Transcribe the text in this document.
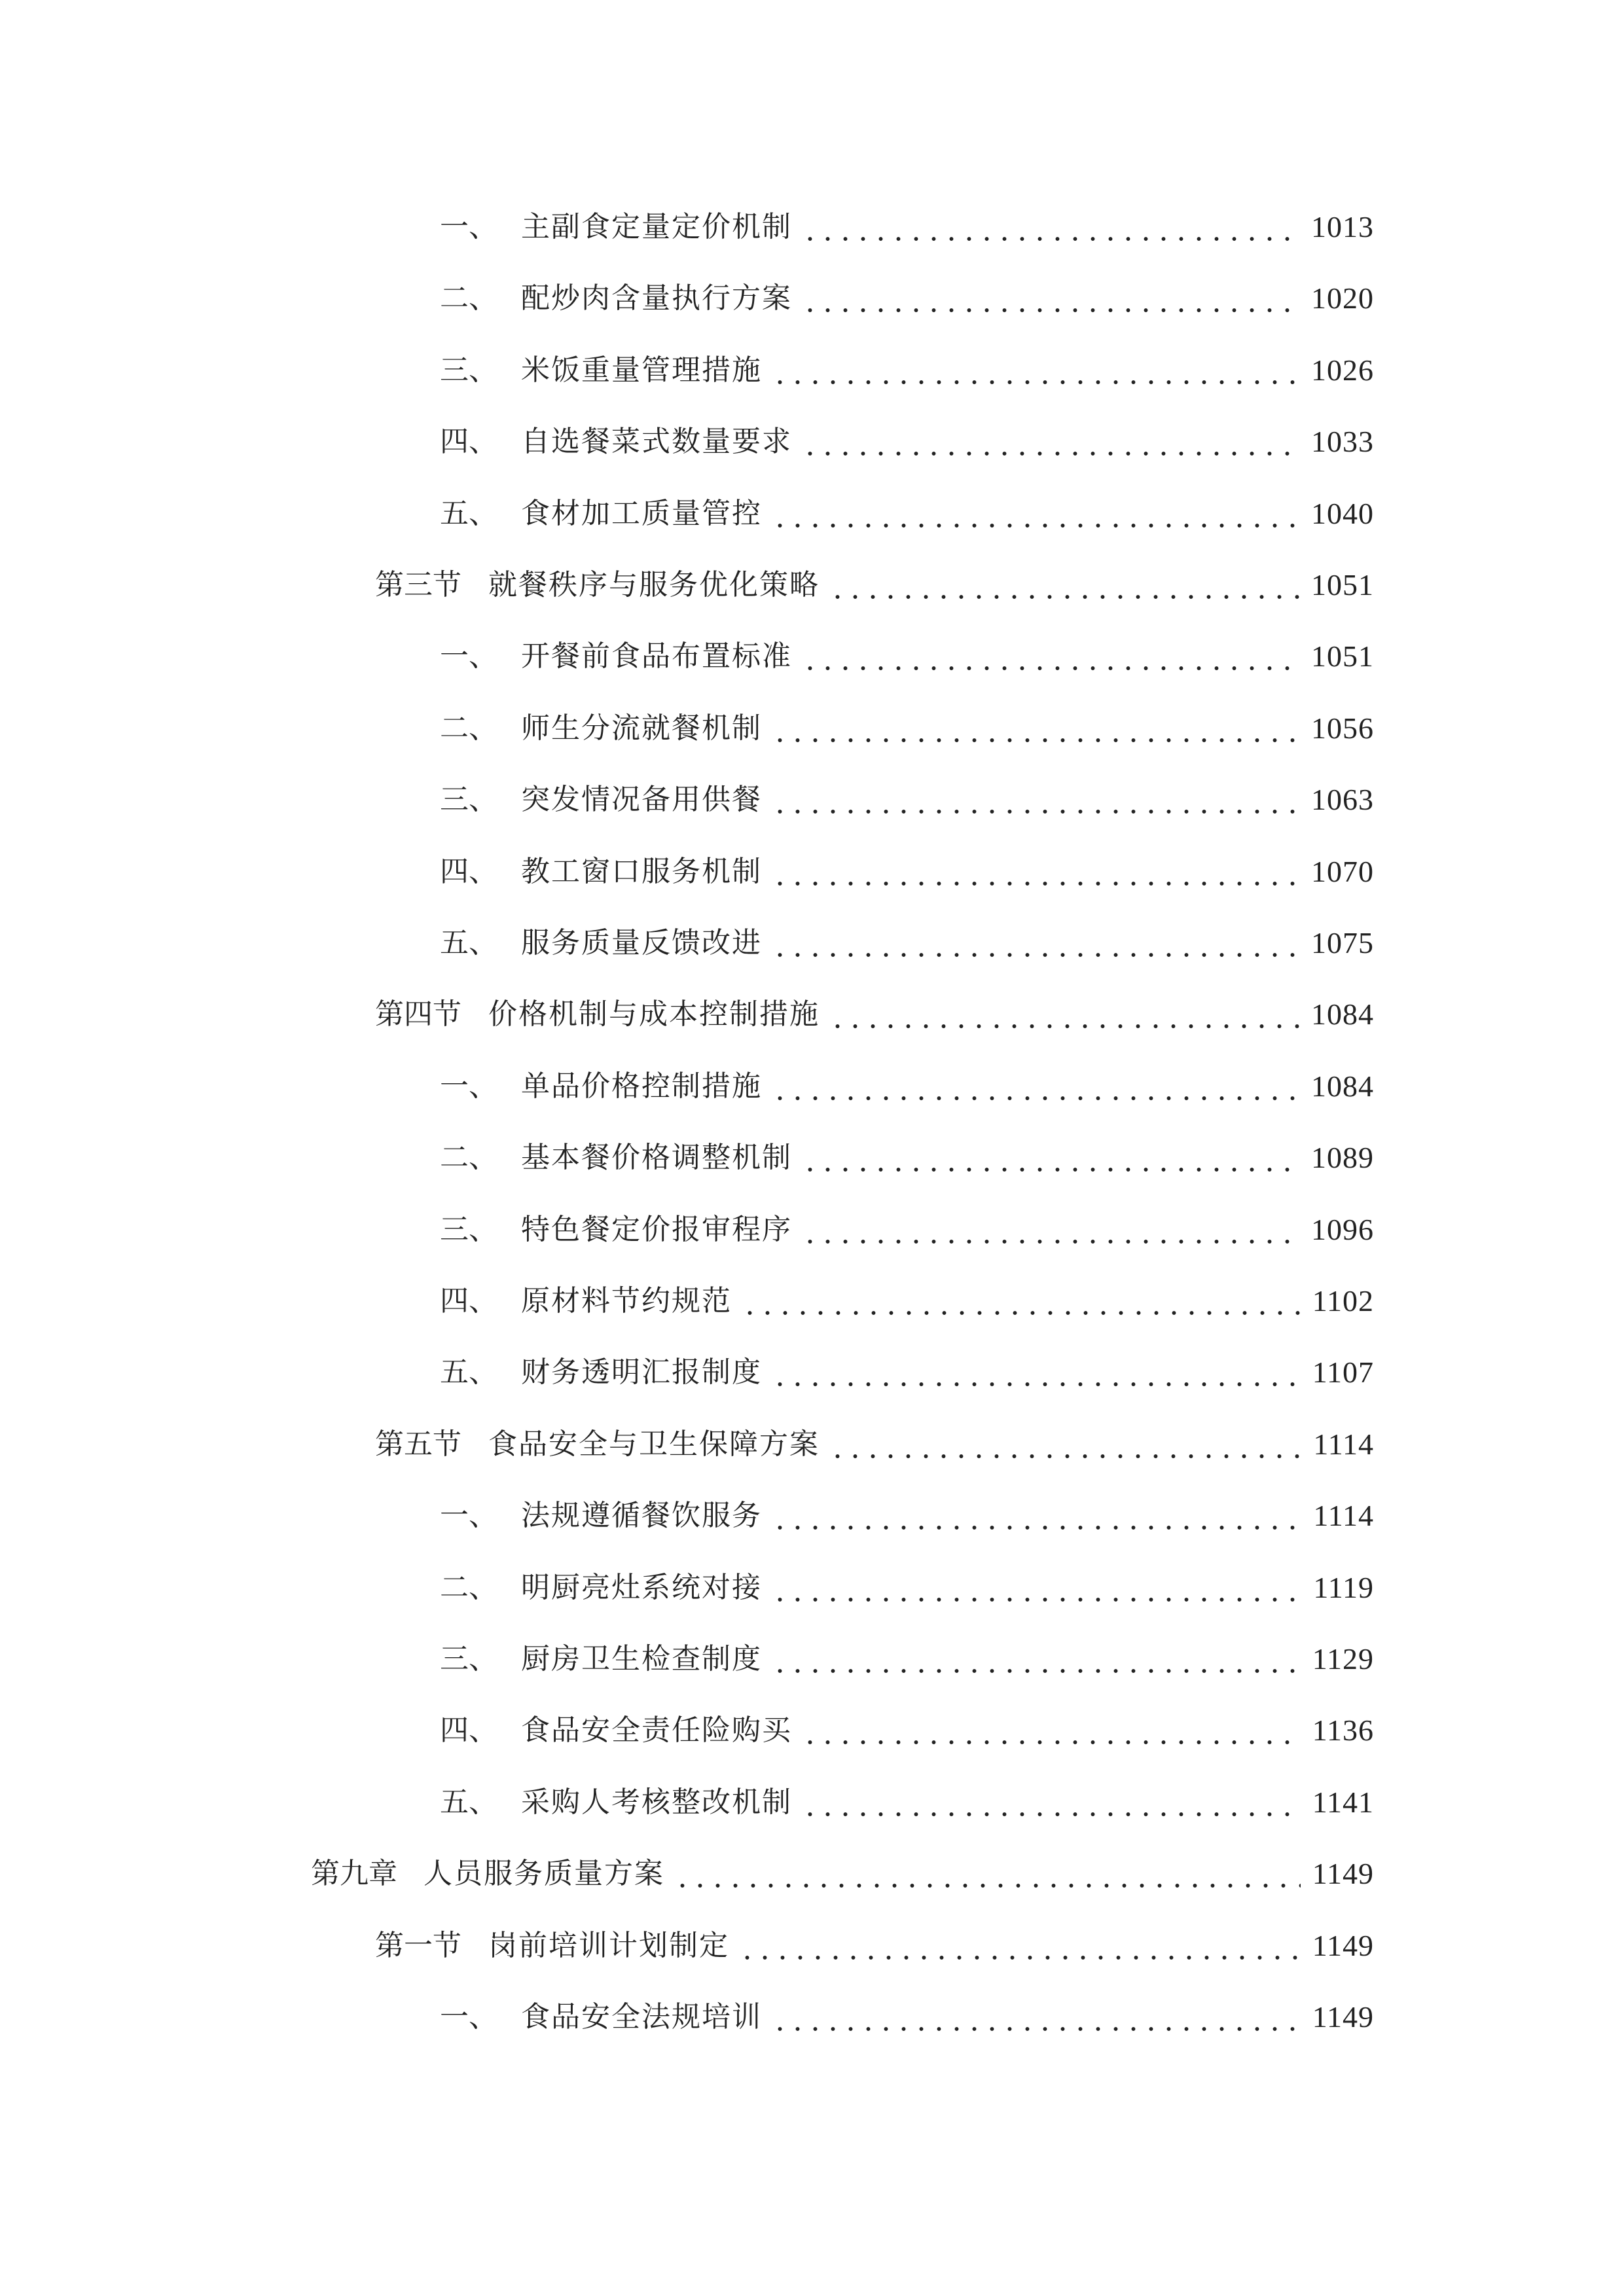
一、 主副食定量定价机制	1013
二、 配炒肉含量执行方案	1020
三、 米饭重量管理措施	1026
四、 自选餐菜式数量要求	1033
五、 食材加工质量管控	1040
第三节 就餐秩序与服务优化策略	1051
一、 开餐前食品布置标准	1051
二、 师生分流就餐机制	1056
三、 突发情况备用供餐	1063
四、 教工窗口服务机制	1070
五、 服务质量反馈改进	1075
第四节 价格机制与成本控制措施	1084
一、 单品价格控制措施	1084
二、 基本餐价格调整机制	1089
三、 特色餐定价报审程序	1096
四、 原材料节约规范	1102
五、 财务透明汇报制度	1107
第五节 食品安全与卫生保障方案	1114
一、 法规遵循餐饮服务	1114
二、 明厨亮灶系统对接	1119
三、 厨房卫生检查制度	1129
四、 食品安全责任险购买	1136
五、 采购人考核整改机制	1141
第九章 人员服务质量方案	1149
第一节 岗前培训计划制定	1149
一、 食品安全法规培训	1149
